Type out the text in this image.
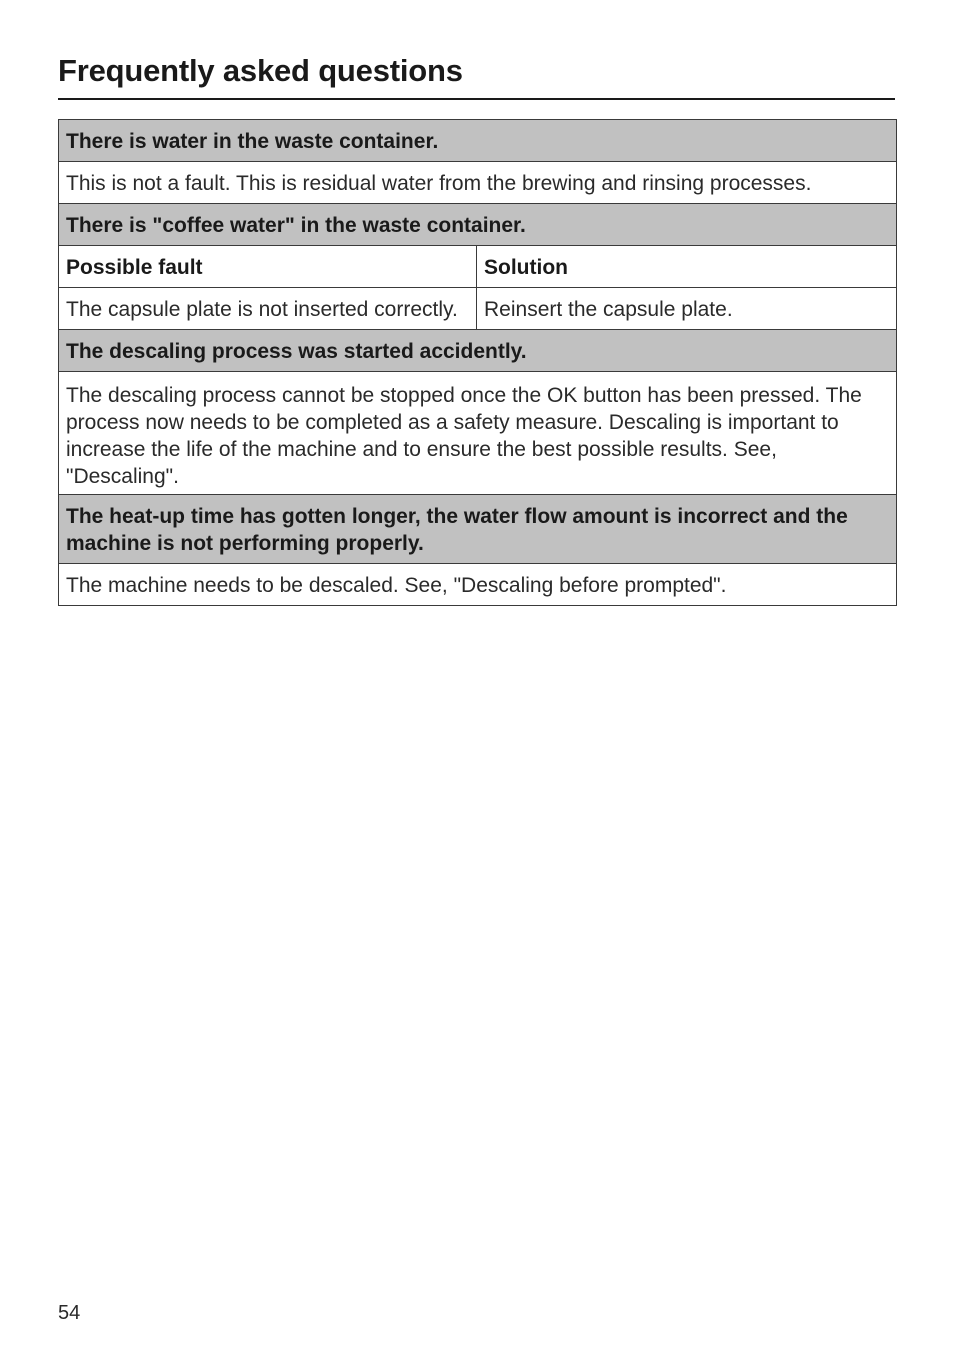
Frequently asked questions
There is water in the waste container.	
This is not a fault. This is residual water from the brewing and rinsing processes.	
There is "coffee water" in the waste container.	
Possible fault	Solution
The capsule plate is not inserted correctly.	Reinsert the capsule plate.
The descaling process was started accidently.	
The descaling process cannot be stopped once the OK button has been pressed. The process now needs to be completed as a safety measure. Descaling is important to increase the life of the machine and to ensure the best possible results. See, "Descaling".	
The heat-up time has gotten longer, the water flow amount is incorrect and the machine is not performing properly.	
The machine needs to be descaled. See, "Descaling before prompted".	
54
